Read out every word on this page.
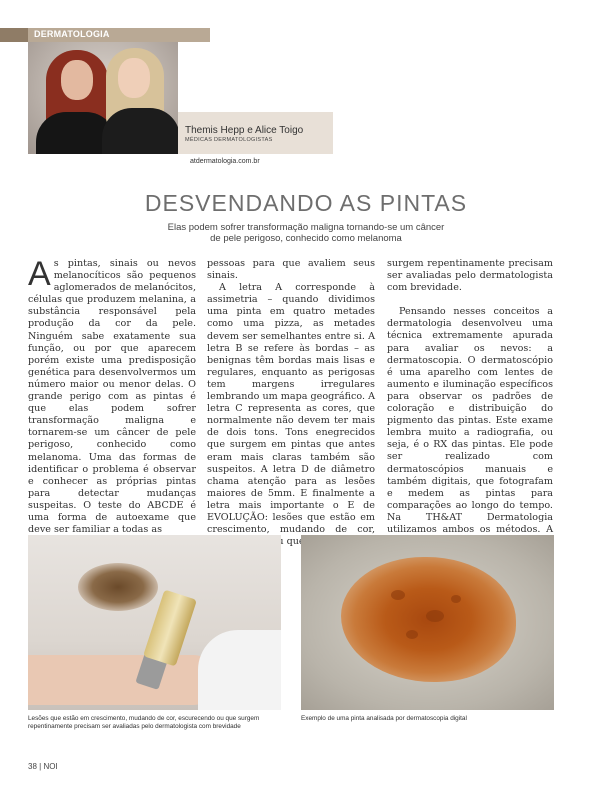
DERMATOLOGIA
Themis Hepp e Alice Toigo
MÉDICAS DERMATOLOGISTAS
atdermatologia.com.br
DESVENDANDO AS PINTAS
Elas podem sofrer transformação maligna tornando-se um câncer
de pele perigoso, conhecido como melanoma

As pintas, sinais ou nevos melanocíticos são pequenos aglomerados de melanócitos, células que produzem melanina, a substância responsável pela produção da cor da pele. Ninguém sabe exatamente sua função, ou por que aparecem porém existe uma predisposição genética para desenvolvermos um número maior ou menor delas. O grande perigo com as pintas é que elas podem sofrer transformação maligna e tornarem-se um câncer de pele perigoso, conhecido como melanoma. Uma das formas de identificar o problema é observar e conhecer as próprias pintas para detectar mudanças suspeitas. O teste do ABCDE é uma forma de autoexame que deve ser familiar a todas as

pessoas para que avaliem seus sinais.

A letra A corresponde à assimetria – quando dividimos uma pinta em quatro metades como uma pizza, as metades devem ser semelhantes entre si. A letra B se refere às bordas – as benignas têm bordas mais lisas e regulares, enquanto as perigosas tem margens irregulares lembrando um mapa geográfico. A letra C representa as cores, que normalmente não devem ter mais de dois tons. Tons enegrecidos que surgem em pintas que antes eram mais claras também são suspeitos. A letra D de diâmetro chama atenção para as lesões maiores de 5mm. E finalmente a letra mais importante o E de EVOLUÇÃO: lesões que estão em crescimento, mudando de cor, que

surgem repentinamente precisam ser avaliadas pelo dermatologista com brevidade.

Pensando nesses conceitos a dermatologia desenvolveu uma técnica extremamente apurada para avaliar os nevos: a dermatoscopia. O dermatoscópio é uma aparelho com lentes de aumento e iluminação específicos para observar os padrões de coloração e distribuição do pigmento das pintas. Este exame lembra muito a radiografia, ou seja, é o RX das pintas. Ele pode ser realizado com dermatoscópios manuais e também digitais, que fotografam e medem as pintas para comparações ao longo do tempo. Na TH&AT Dermatologia utilizamos ambos os métodos. A

Lesões que estão em crescimento, mudando de cor, escurecendo ou que surgem repentinamente precisam ser avaliadas pelo dermatologista com brevidade
Exemplo de uma pinta analisada por dermatoscopia digital
38 | NOI
